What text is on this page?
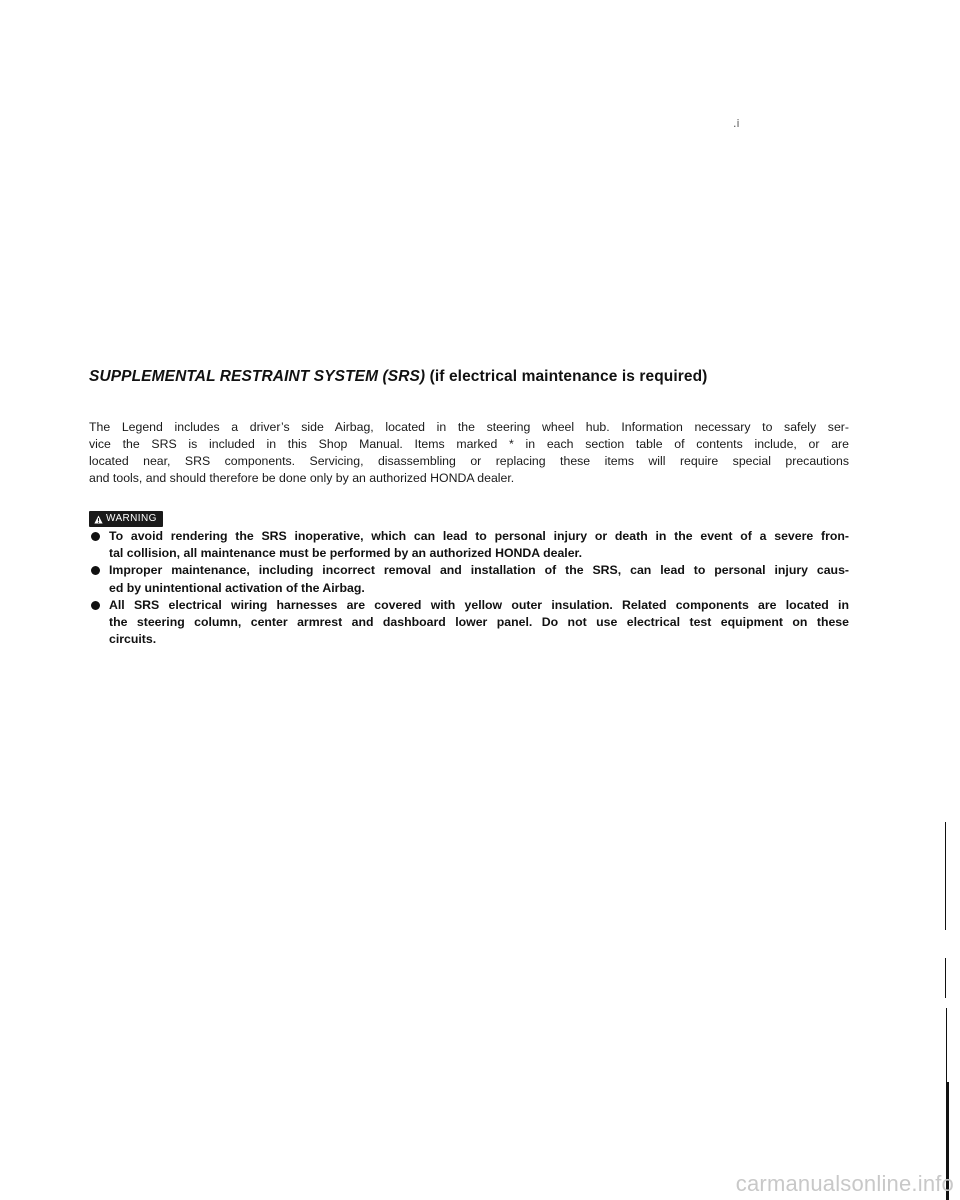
.i
SUPPLEMENTAL RESTRAINT SYSTEM (SRS) (if electrical maintenance is required)

The Legend includes a driver’s side Airbag, located in the steering wheel hub. Information necessary to safely ser-
vice the SRS is included in this Shop Manual. Items marked * in each section table of contents include, or are
located near, SRS components. Servicing, disassembling or replacing these items will require special precautions
and tools, and should therefore be done only by an authorized HONDA dealer.

WARNING
To avoid rendering the SRS inoperative, which can lead to personal injury or death in the event of a severe fron-
tal collision, all maintenance must be performed by an authorized HONDA dealer.
Improper maintenance, including incorrect removal and installation of the SRS, can lead to personal injury caus-
ed by unintentional activation of the Airbag.
All SRS electrical wiring harnesses are covered with yellow outer insulation. Related components are located in
the steering column, center armrest and dashboard lower panel. Do not use electrical test equipment on these
circuits.
carmanualsonline.info
